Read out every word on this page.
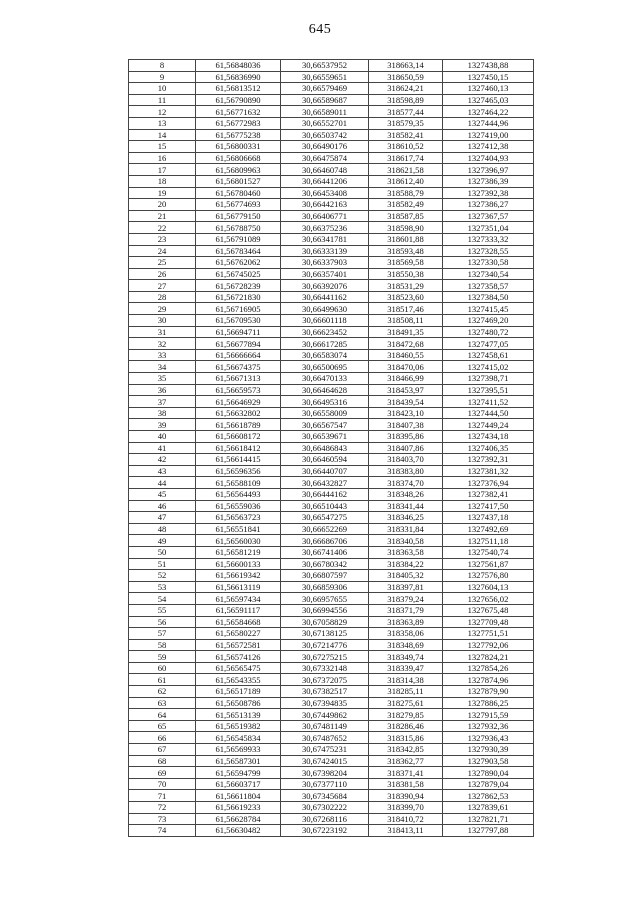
645
8	61,56848036	30,66537952	318663,14	1327438,88
9	61,56836990	30,66559651	318650,59	1327450,15
10	61,56813512	30,66579469	318624,21	1327460,13
11	61,56790890	30,66589687	318598,89	1327465,03
12	61,56771632	30,66589011	318577,44	1327464,22
13	61,56772983	30,66552701	318579,35	1327444,96
14	61,56775238	30,66503742	318582,41	1327419,00
15	61,56800331	30,66490176	318610,52	1327412,38
16	61,56806668	30,66475874	318617,74	1327404,93
17	61,56809963	30,66460748	318621,58	1327396,97
18	61,56801527	30,66441206	318612,40	1327386,39
19	61,56780460	30,66453408	318588,79	1327392,38
20	61,56774693	30,66442163	318582,49	1327386,27
21	61,56779150	30,66406771	318587,85	1327367,57
22	61,56788750	30,66375236	318598,90	1327351,04
23	61,56791089	30,66341781	318601,88	1327333,32
24	61,56783464	30,66333139	318593,48	1327328,55
25	61,56762062	30,66337903	318569,58	1327330,58
26	61,56745025	30,66357401	318550,38	1327340,54
27	61,56728239	30,66392076	318531,29	1327358,57
28	61,56721830	30,66441162	318523,60	1327384,50
29	61,56716905	30,66499630	318517,46	1327415,45
30	61,56709530	30,66601118	318508,11	1327469,20
31	61,56694711	30,66623452	318491,35	1327480,72
32	61,56677894	30,66617285	318472,68	1327477,05
33	61,56666664	30,66583074	318460,55	1327458,61
34	61,56674375	30,66500695	318470,06	1327415,02
35	61,56671313	30,66470133	318466,99	1327398,71
36	61,56659573	30,66464628	318453,97	1327395,51
37	61,56646929	30,66495316	318439,54	1327411,52
38	61,56632802	30,66558009	318423,10	1327444,50
39	61,56618789	30,66567547	318407,38	1327449,24
40	61,56608172	30,66539671	318395,86	1327434,18
41	61,56618412	30,66486843	318407,86	1327406,35
42	61,56614415	30,66460594	318403,70	1327392,31
43	61,56596356	30,66440707	318383,80	1327381,32
44	61,56588109	30,66432827	318374,70	1327376,94
45	61,56564493	30,66444162	318348,26	1327382,41
46	61,56559036	30,66510443	318341,44	1327417,50
47	61,56563723	30,66547275	318346,25	1327437,18
48	61,56551841	30,66652269	318331,84	1327492,69
49	61,56560030	30,66686706	318340,58	1327511,18
50	61,56581219	30,66741406	318363,58	1327540,74
51	61,56600133	30,66780342	318384,22	1327561,87
52	61,56619342	30,66807597	318405,32	1327576,80
53	61,56613119	30,66859306	318397,81	1327604,13
54	61,56597434	30,66957655	318379,24	1327656,02
55	61,56591117	30,66994556	318371,79	1327675,48
56	61,56584668	30,67058829	318363,89	1327709,48
57	61,56580227	30,67138125	318358,06	1327751,51
58	61,56572581	30,67214776	318348,69	1327792,06
59	61,56574126	30,67275215	318349,74	1327824,21
60	61,56565475	30,67332148	318339,47	1327854,26
61	61,56543355	30,67372075	318314,38	1327874,96
62	61,56517189	30,67382517	318285,11	1327879,90
63	61,56508786	30,67394835	318275,61	1327886,25
64	61,56513139	30,67449862	318279,85	1327915,59
65	61,56519382	30,67481149	318286,46	1327932,36
66	61,56545834	30,67487652	318315,86	1327936,43
67	61,56569933	30,67475231	318342,85	1327930,39
68	61,56587301	30,67424015	318362,77	1327903,58
69	61,56594799	30,67398204	318371,41	1327890,04
70	61,56603717	30,67377110	318381,58	1327879,04
71	61,56611804	30,67345684	318390,94	1327862,53
72	61,56619233	30,67302222	318399,70	1327839,61
73	61,56628784	30,67268116	318410,72	1327821,71
74	61,56630482	30,67223192	318413,11	1327797,88
